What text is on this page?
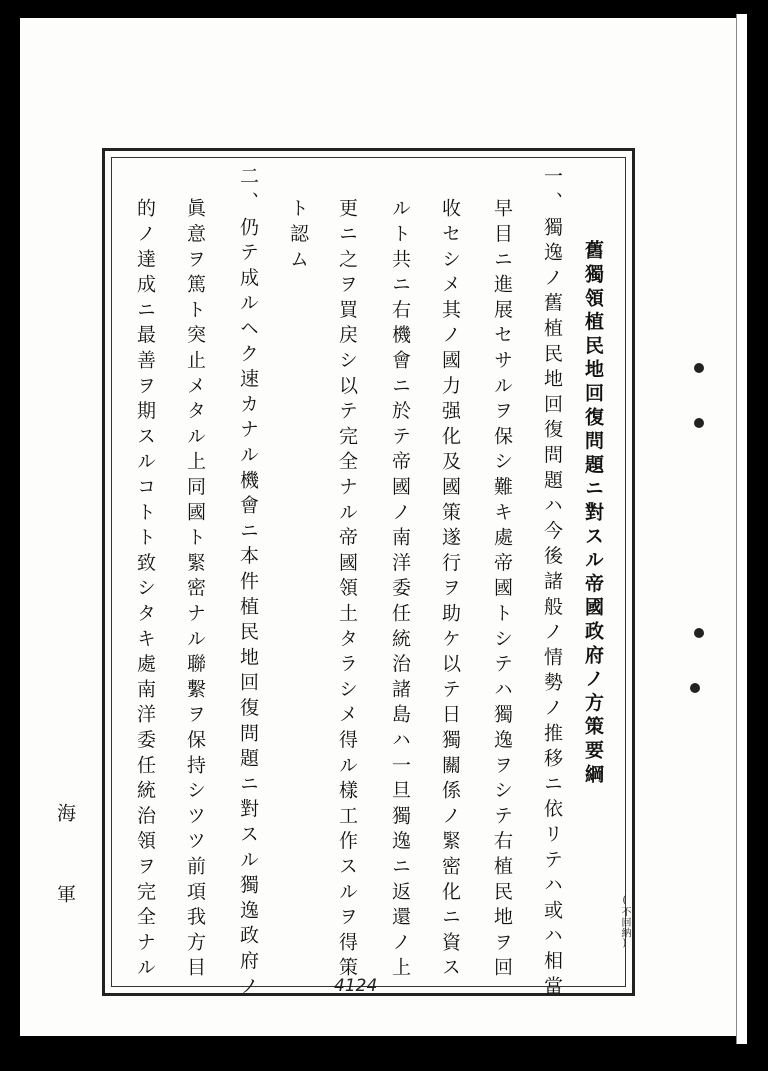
舊獨領植民地回復問題ニ對スル帝國政府ノ方策要綱
一、獨逸ノ舊植民地回復問題ハ今後諸般ノ情勢ノ推移ニ依リテハ或ハ相當
早目ニ進展セサルヲ保シ難キ處帝國トシテハ獨逸ヲシテ右植民地ヲ回
收セシメ其ノ國力强化及國策遂行ヲ助ケ以テ日獨關係ノ緊密化ニ資ス
ルト共ニ右機會ニ於テ帝國ノ南洋委任統治諸島ハ一旦獨逸ニ返還ノ上
更ニ之ヲ買戻シ以テ完全ナル帝國領土タラシメ得ル樣工作スルヲ得策
ト認ム
二、仍テ成ルヘク速カナル機會ニ本件植民地回復問題ニ對スル獨逸政府ノ
眞意ヲ篤ト突止メタル上同國ト緊密ナル聯繫ヲ保持シツツ前項我方目
的ノ達成ニ最善ヲ期スルコトト致シタキ處南洋委任統治領ヲ完全ナル
海軍	(不回納)
4124
